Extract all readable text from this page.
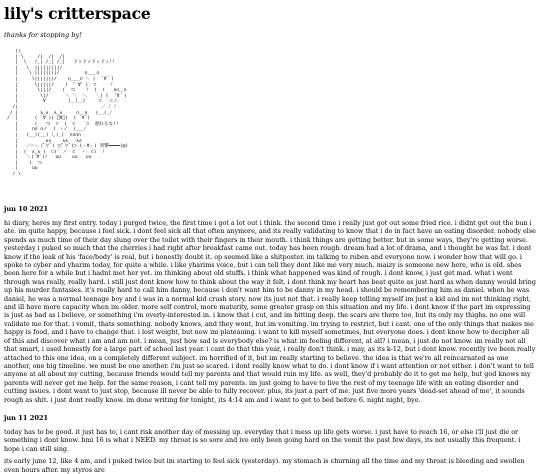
lily's critterspace

thanks for stopping by!

|\
| \     /|  /|  /|
|  \   /_| /_| /_|   ドッドッドッドッ!!
|   \  |||||||||/
|    \ ||||||||/         ∩＿＿∩
|     \|||||||/    ∩＿＿∩ ＼ (  ´∀｀)
|      \|||||/    (  ゜∀゜)  ⊂     ﾉ
|       \|||/    (  つ    ﾉ  (  (   ∩∩＿∩
|        \|/      ＼ ＼  ＼   ＼) (  ´∀｀)
|         V        (＿)＿)     ⊂   ⊂ノ
/|                              ／ ﾉ ﾉ
/ |        ∧_∧  ∧_∧     ∩__∩   (__(_ﾉ
/  |      ( ´∀`)( ﾟ∀ﾟ)  ( ´∀`)
|      (   つ  ⊂  )  ⊂    ⊃  遅れるな!!
|     ∩∩ ∩ノ  ( ヽノ  (＿_ﾉ
|   (__)(__) し(_)  ∩∩∩∩
|          ∧∧    ∧∧   ∧∧
|   ／⌒ヽ (ﾟ∀ﾟ) ⊂(ﾟ∀ﾟ)⊃ (・∀・) 突撃━━━━(@)
|  (  ∧_∧ )  ⊂)  ノ  ⊂  ヽ  ⊂)  ﾉ
|   ＼(´∀`)ﾉ   ∪∪    ∪∪   ∪∪
|    (  つ
|     ∪∪
/ \
jun 10 2021

hi diary, heres my first entry. today i purged twice, the first time i got a lot out i think. the second time i really just got out some fried rice. i didnt get out the bun i ate. im quite happy, because i feel sick. i dont feel sick all that often anymore, and its really validating to know that i do in fact have an eating disorder. nobody else spends as much time of their day slung over the toilet with their fingers in their mouth. i think things are getting better. but in some ways, they're getting worse. yesterday i puked so much that the cherries i had right after breakfast came out. today has been rough. dream had a lot of drama, and i thought he was fat. i dont know if the leak of his 'face/body' is real, but i honestly doubt it. op seemed like a shitposter. im talking to ruben and everyone now. i wonder how that will go. i spoke to cyber and yharim today, for quite a while. i like yharims voice, but i can tell they dont like me very much. maizy is someone new here, who is old. shes been here for a while but i hadnt met her yet. im thinking about old stuffs. i think what happened was kind of rough. i dont know, i just get mad. what i went through was really, really hard. i still just dont know how to think about the way it felt. i dont think my heart has beat quite as just hard as when danny would bring up his murder fantasies. it's really hard to call him danny, because i don't want him to be danny in my head. i should be remembering him as daniel. when he was daniel, he was a normal teenage boy and i was in a normal kid crush story. now its just not that. i really keep telling myself im just a kid and im not thinking right, and ill have more capacity when im older. more self control, more maturity, some greater grasp on this situation and my life. i dont know if the part im expressing is just as bad as i believe, or something i'm overly-interested in. i know that i cut, and im hitting deep. the scars are there too, but its only my thighs. no one will validate me for that. i vomit, thats something. nobody knows, and they wont, but im vomiting. im trying to restrict, but i cant. one of the only things that makes me happy is food, and i have to change that. i lost weight, but now im plateauing. i want to kill myself sometimes, but everyone does. i dont know how to decipher all of this and discover what i am and am not. i mean, just how sad is everybody else? is what im feeling different, at all? i mean, i just do not know. im really not all that smart, i used honestly for a large part of school last year. i cant do that this year, i really don't think. i may, as its k-12, but i dont know. recently ive been really attached to this one idea, on a completely different subject. im horrified of it, but im really starting to believe. the idea is that we're all reincarnated as one another, one big timeline. we must be one another. i'm just so scared. i dont really know what to do. i dont know if i want attention or not either. i don't want to tell anyone at all about my cutting, because friends would tell my parents and that would ruin my life. as well, they'd probably do it to get me help, but god knows my parents will never get me help. for the same reason, i cant tell my parents. im just going to have to live the rest of my teenage life with an eating disorder and cutting issues. i dont want to just stop, because ill never be able to fully recover. plus, its just a part of me. just five more years 'dead-set ahead of me', it sounds rough as shit. i just dont really know. im done writing for tonight, its 4:14 am and i want to get to bed before 6. night night, bye.

jun 11 2021

today has to be good. it just has to, i cant risk another day of messing up. everyday that i mess up life gets worse. i just have to reach 16, or else i'll just die or something i dont know. bmi 16 is what i NEED. my throat is so sore and ive only been going hard on the vomit the past few days, its not usually this frequent. i hope i can still sing.

its early june 12, like 4 am, and i puked twice but im starting to feel sick (yesterday). my stomach is churning all the time and my throat is bleeding and swollen even hours after. my styros are
